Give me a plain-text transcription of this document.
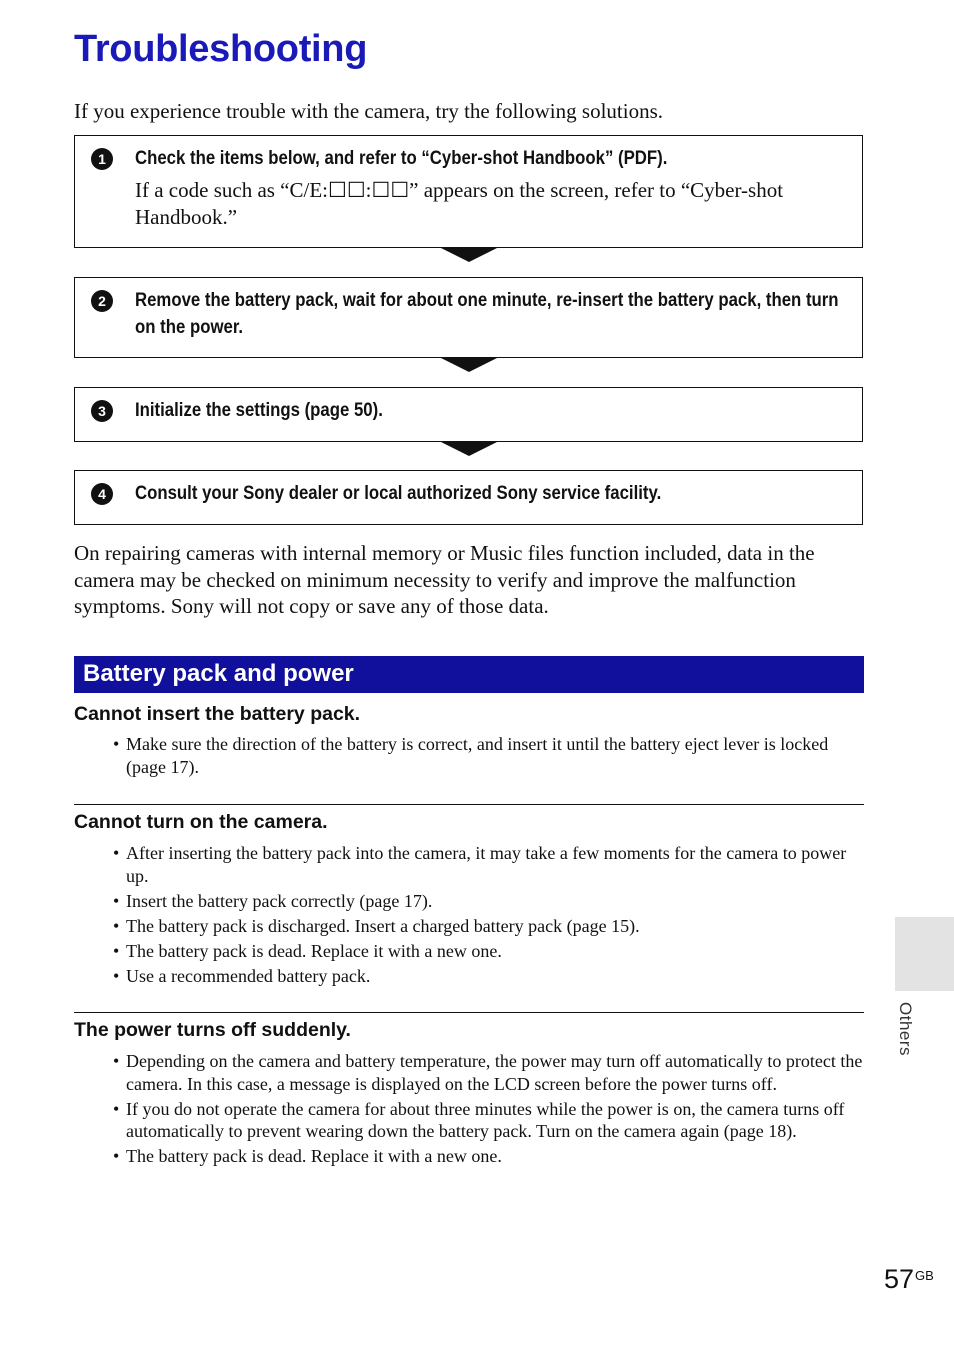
Troubleshooting
If you experience trouble with the camera, try the following solutions.
1	Check the items below, and refer to “Cyber-shot Handbook” (PDF).
If a code such as “C/E:☐☐:☐☐” appears on the screen, refer to “Cyber-shot Handbook.”
2	Remove the battery pack, wait for about one minute, re-insert the battery pack, then turn on the power.
3	Initialize the settings (page 50).
4	Consult your Sony dealer or local authorized Sony service facility.
On repairing cameras with internal memory or Music files function included, data in the camera may be checked on minimum necessity to verify and improve the malfunction symptoms. Sony will not copy or save any of those data.
Battery pack and power
Cannot insert the battery pack.
• Make sure the direction of the battery is correct, and insert it until the battery eject lever is locked (page 17).
Cannot turn on the camera.
• After inserting the battery pack into the camera, it may take a few moments for the camera to power up.
• Insert the battery pack correctly (page 17).
• The battery pack is discharged. Insert a charged battery pack (page 15).
• The battery pack is dead. Replace it with a new one.
• Use a recommended battery pack.
The power turns off suddenly.
• Depending on the camera and battery temperature, the power may turn off automatically to protect the camera. In this case, a message is displayed on the LCD screen before the power turns off.
• If you do not operate the camera for about three minutes while the power is on, the camera turns off automatically to prevent wearing down the battery pack. Turn on the camera again (page 18).
• The battery pack is dead. Replace it with a new one.
Others
$57^{GB}$
